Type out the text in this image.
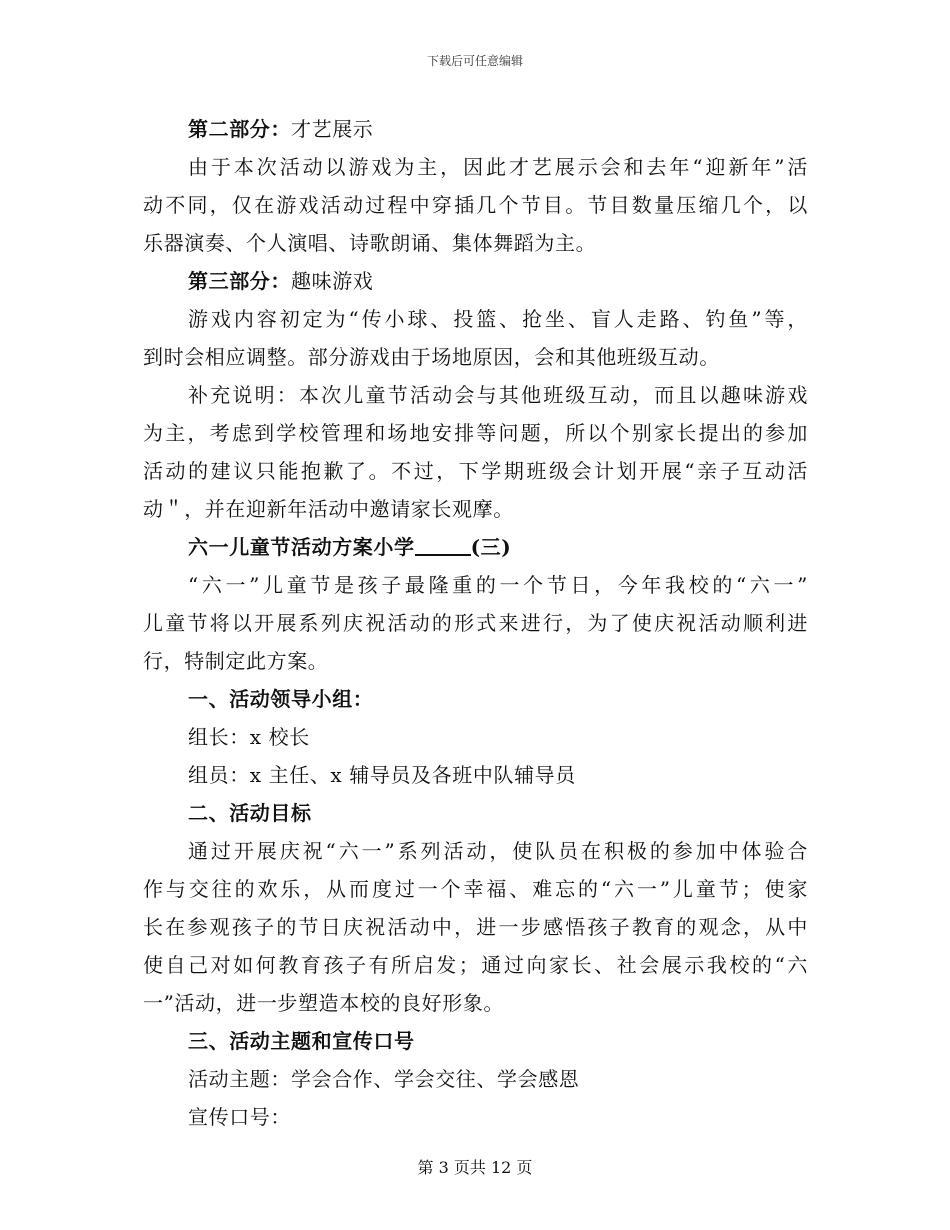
下载后可任意编辑
第二部分：才艺展示
由于本次活动以游戏为主，因此才艺展示会和去年“迎新年”活
动不同，仅在游戏活动过程中穿插几个节目。节目数量压缩几个，以
乐器演奏、个人演唱、诗歌朗诵、集体舞蹈为主。
第三部分：趣味游戏
游戏内容初定为“传小球、投篮、抢坐、盲人走路、钓鱼”等，
到时会相应调整。部分游戏由于场地原因，会和其他班级互动。
补充说明：本次儿童节活动会与其他班级互动，而且以趣味游戏
为主，考虑到学校管理和场地安排等问题，所以个别家长提出的参加
活动的建议只能抱歉了。不过，下学期班级会计划开展“亲子互动活
动＂，并在迎新年活动中邀请家长观摩。
六一儿童节活动方案小学	(三)
“六一”儿童节是孩子最隆重的一个节日，今年我校的“六一”
儿童节将以开展系列庆祝活动的形式来进行，为了使庆祝活动顺利进
行，特制定此方案。
一、活动领导小组：
组长：x 校长
组员：x 主任、x 辅导员及各班中队辅导员
二、活动目标
通过开展庆祝“六一”系列活动，使队员在积极的参加中体验合
作与交往的欢乐，从而度过一个幸福、难忘的“六一”儿童节；使家
长在参观孩子的节日庆祝活动中，进一步感悟孩子教育的观念，从中
使自己对如何教育孩子有所启发；通过向家长、社会展示我校的“六
一”活动，进一步塑造本校的良好形象。
三、活动主题和宣传口号
活动主题：学会合作、学会交往、学会感恩
宣传口号：
第 3 页共 12 页
